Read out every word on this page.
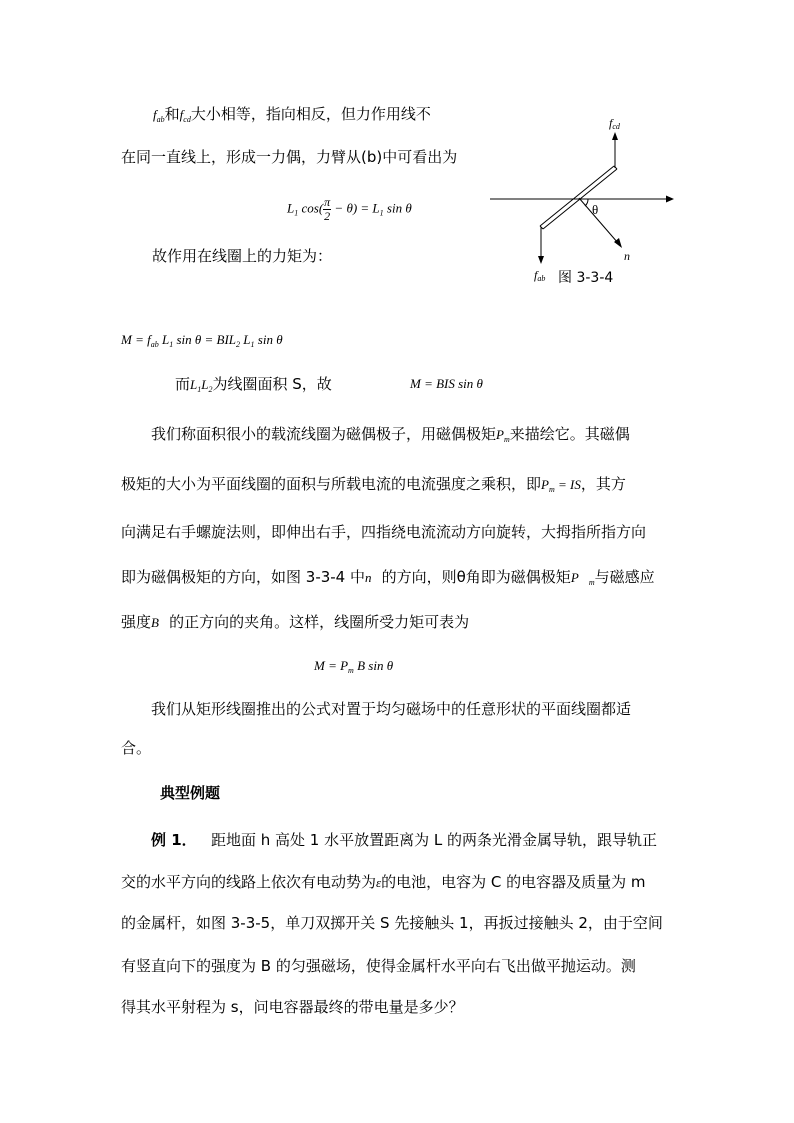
$f_{ab}$和$f_{cd}$大小相等，指向相反，但力作用线不
在同一直线上，形成一力偶，力臂从(b)中可看出为
$L_1$ $\cos( \frac{\pi}{2} - \theta) = L_1$ sin θ
故作用在线圈上的力矩为：
fcd
θ
n
fab 图 3-3-4
$M = f_{ab}$ $L_1$ $\sin \theta = BIL_2$ $L_1$ sin θ
而$L_1L_2$为线圈面积 S，故	M = BIS sin θ
我们称面积很小的载流线圈为磁偶极子，用磁偶极矩$P_m$来描绘它。其磁偶
极矩的大小为平面线圈的面积与所载电流的电流强度之乘积，即$P_m$ = IS，其方
向满足右手螺旋法则，即伸出右手，四指绕电流流动方向旋转，大拇指所指方向
即为磁偶极矩的方向，如图 3-3-4 中n⃗的方向，则θ角即为磁偶极矩$P⃗_m$与磁感应
强度B⃗的正方向的夹角。这样，线圈所受力矩可表为
$M = P_m$ B sin θ
我们从矩形线圈推出的公式对置于均匀磁场中的任意形状的平面线圈都适
合。
典型例题
例 1． 距地面 h 高处 1 水平放置距离为 L 的两条光滑金属导轨，跟导轨正
交的水平方向的线路上依次有电动势为ε的电池，电容为 C 的电容器及质量为 m
的金属杆，如图 3-3-5，单刀双掷开关 S 先接触头 1，再扳过接触头 2，由于空间
有竖直向下的强度为 B 的匀强磁场，使得金属杆水平向右飞出做平抛运动。测
得其水平射程为 s，问电容器最终的带电量是多少？
